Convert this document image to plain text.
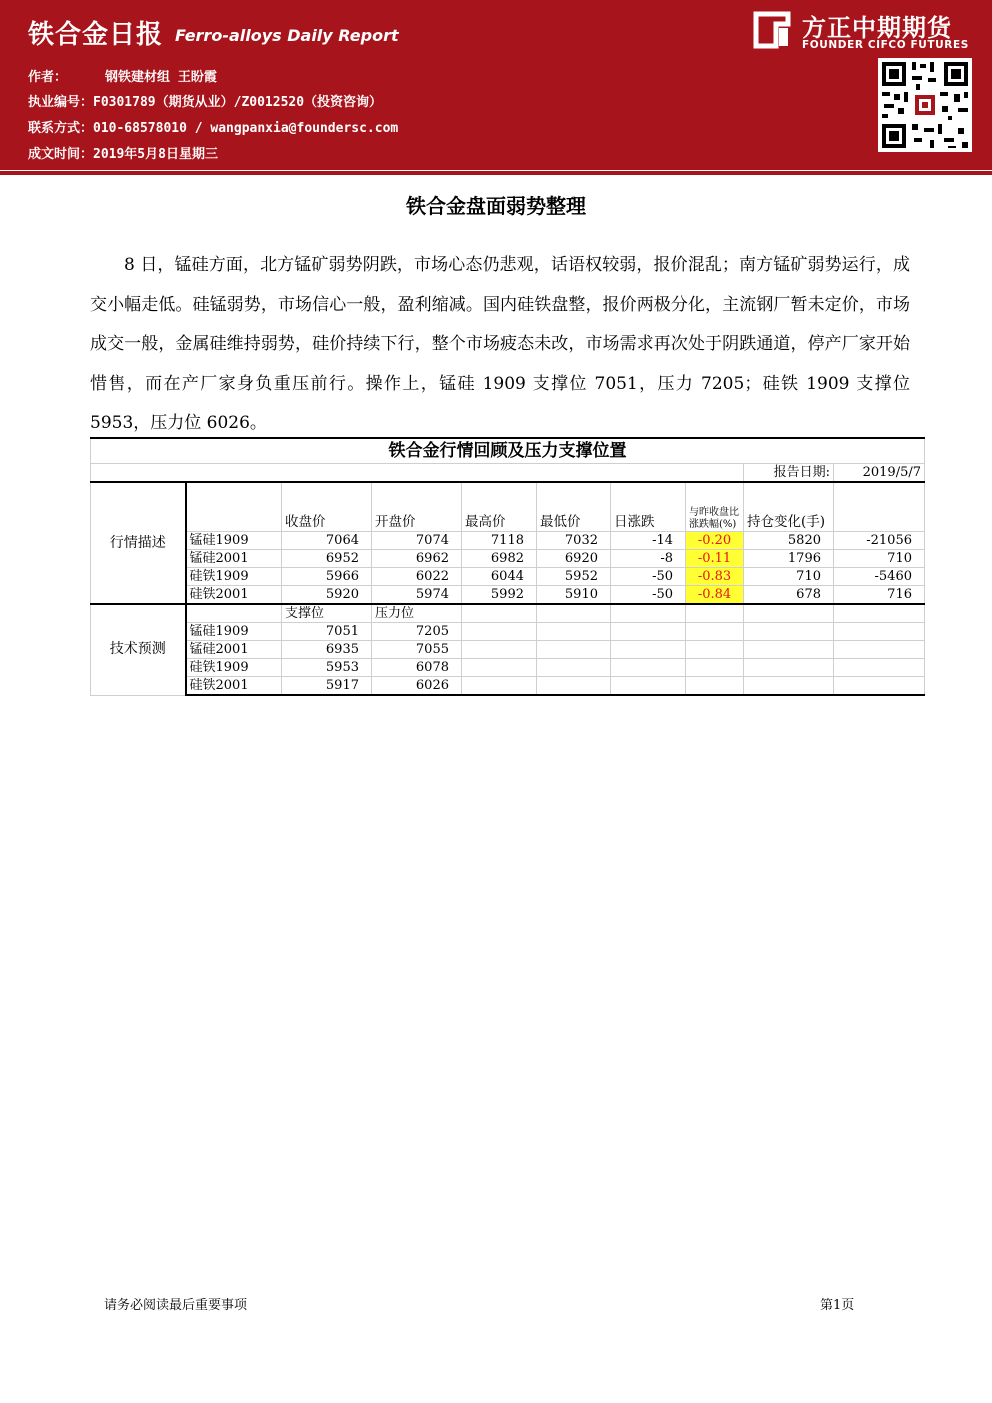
铁合金日报 Ferro-alloys Daily Report	方正中期期货
FOUNDER CIFCO FUTURES
作者：	钢铁建材组 王盼霞
执业编号：F0301789（期货从业）/Z0012520（投资咨询）
联系方式：010-68578010 / wangpanxia@foundersc.com
成文时间：2019年5月8日星期三
铁合金盘面弱势整理
8 日，锰硅方面，北方锰矿弱势阴跌，市场心态仍悲观，话语权较弱，报价混乱；南方锰矿弱势运行，成交小幅走低。硅锰弱势，市场信心一般，盈利缩减。国内硅铁盘整，报价两极分化，主流钢厂暂未定价，市场成交一般，金属硅维持弱势，硅价持续下行，整个市场疲态未改，市场需求再次处于阴跌通道，停产厂家开始惜售，而在产厂家身负重压前行。操作上，锰硅 1909 支撑位 7051，压力 7205；硅铁 1909 支撑位 5953，压力位 6026。
铁合金行情回顾及压力支撑位置									
								报告日期:	2019/5/7
行情描述		收盘价	开盘价	最高价	最低价	日涨跌	与昨收盘比涨跌幅(%)	持仓变化(手)	
	锰硅1909	7064	7074	7118	7032	-14	-0.20	5820	-21056
	锰硅2001	6952	6962	6982	6920	-8	-0.11	1796	710
	硅铁1909	5966	6022	6044	5952	-50	-0.83	710	-5460
	硅铁2001	5920	5974	5992	5910	-50	-0.84	678	716
技术预测		支撑位	压力位						
	锰硅1909	7051	7205						
	锰硅2001	6935	7055						
	硅铁1909	5953	6078						
	硅铁2001	5917	6026						
请务必阅读最后重要事项	第1页
